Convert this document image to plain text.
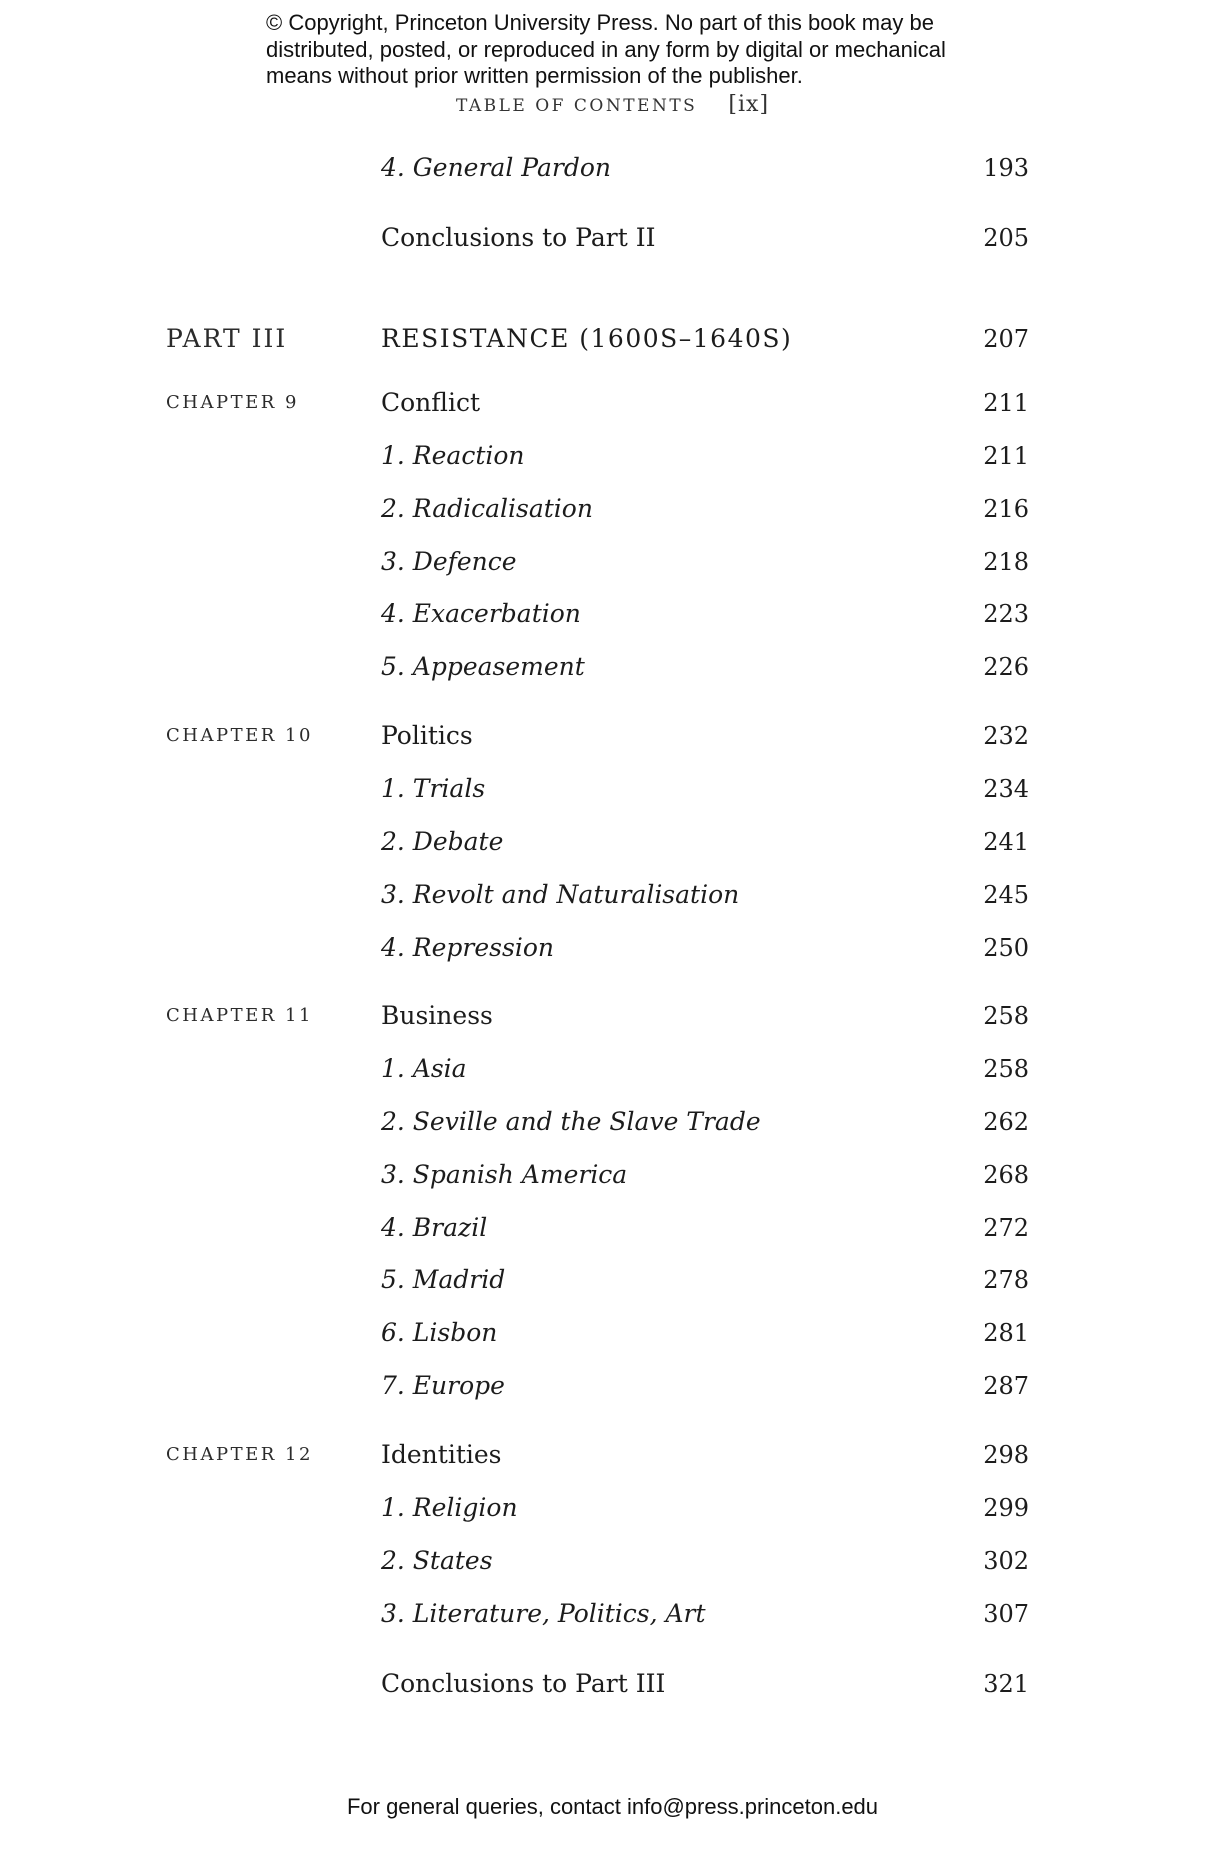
© Copyright, Princeton University Press. No part of this book may be
distributed, posted, or reproduced in any form by digital or mechanical
means without prior written permission of the publisher.
TABLE OF CONTENTS [ix]
4. General Pardon	193
Conclusions to Part II	205
PART III	RESISTANCE (1600S–1640S)	207
CHAPTER 9	Conflict	211
1. Reaction	211
2. Radicalisation	216
3. Defence	218
4. Exacerbation	223
5. Appeasement	226
CHAPTER 10	Politics	232
1. Trials	234
2. Debate	241
3. Revolt and Naturalisation	245
4. Repression	250
CHAPTER 11	Business	258
1. Asia	258
2. Seville and the Slave Trade	262
3. Spanish America	268
4. Brazil	272
5. Madrid	278
6. Lisbon	281
7. Europe	287
CHAPTER 12	Identities	298
1. Religion	299
2. States	302
3. Literature, Politics, Art	307
Conclusions to Part III	321
For general queries, contact info@press.princeton.edu
